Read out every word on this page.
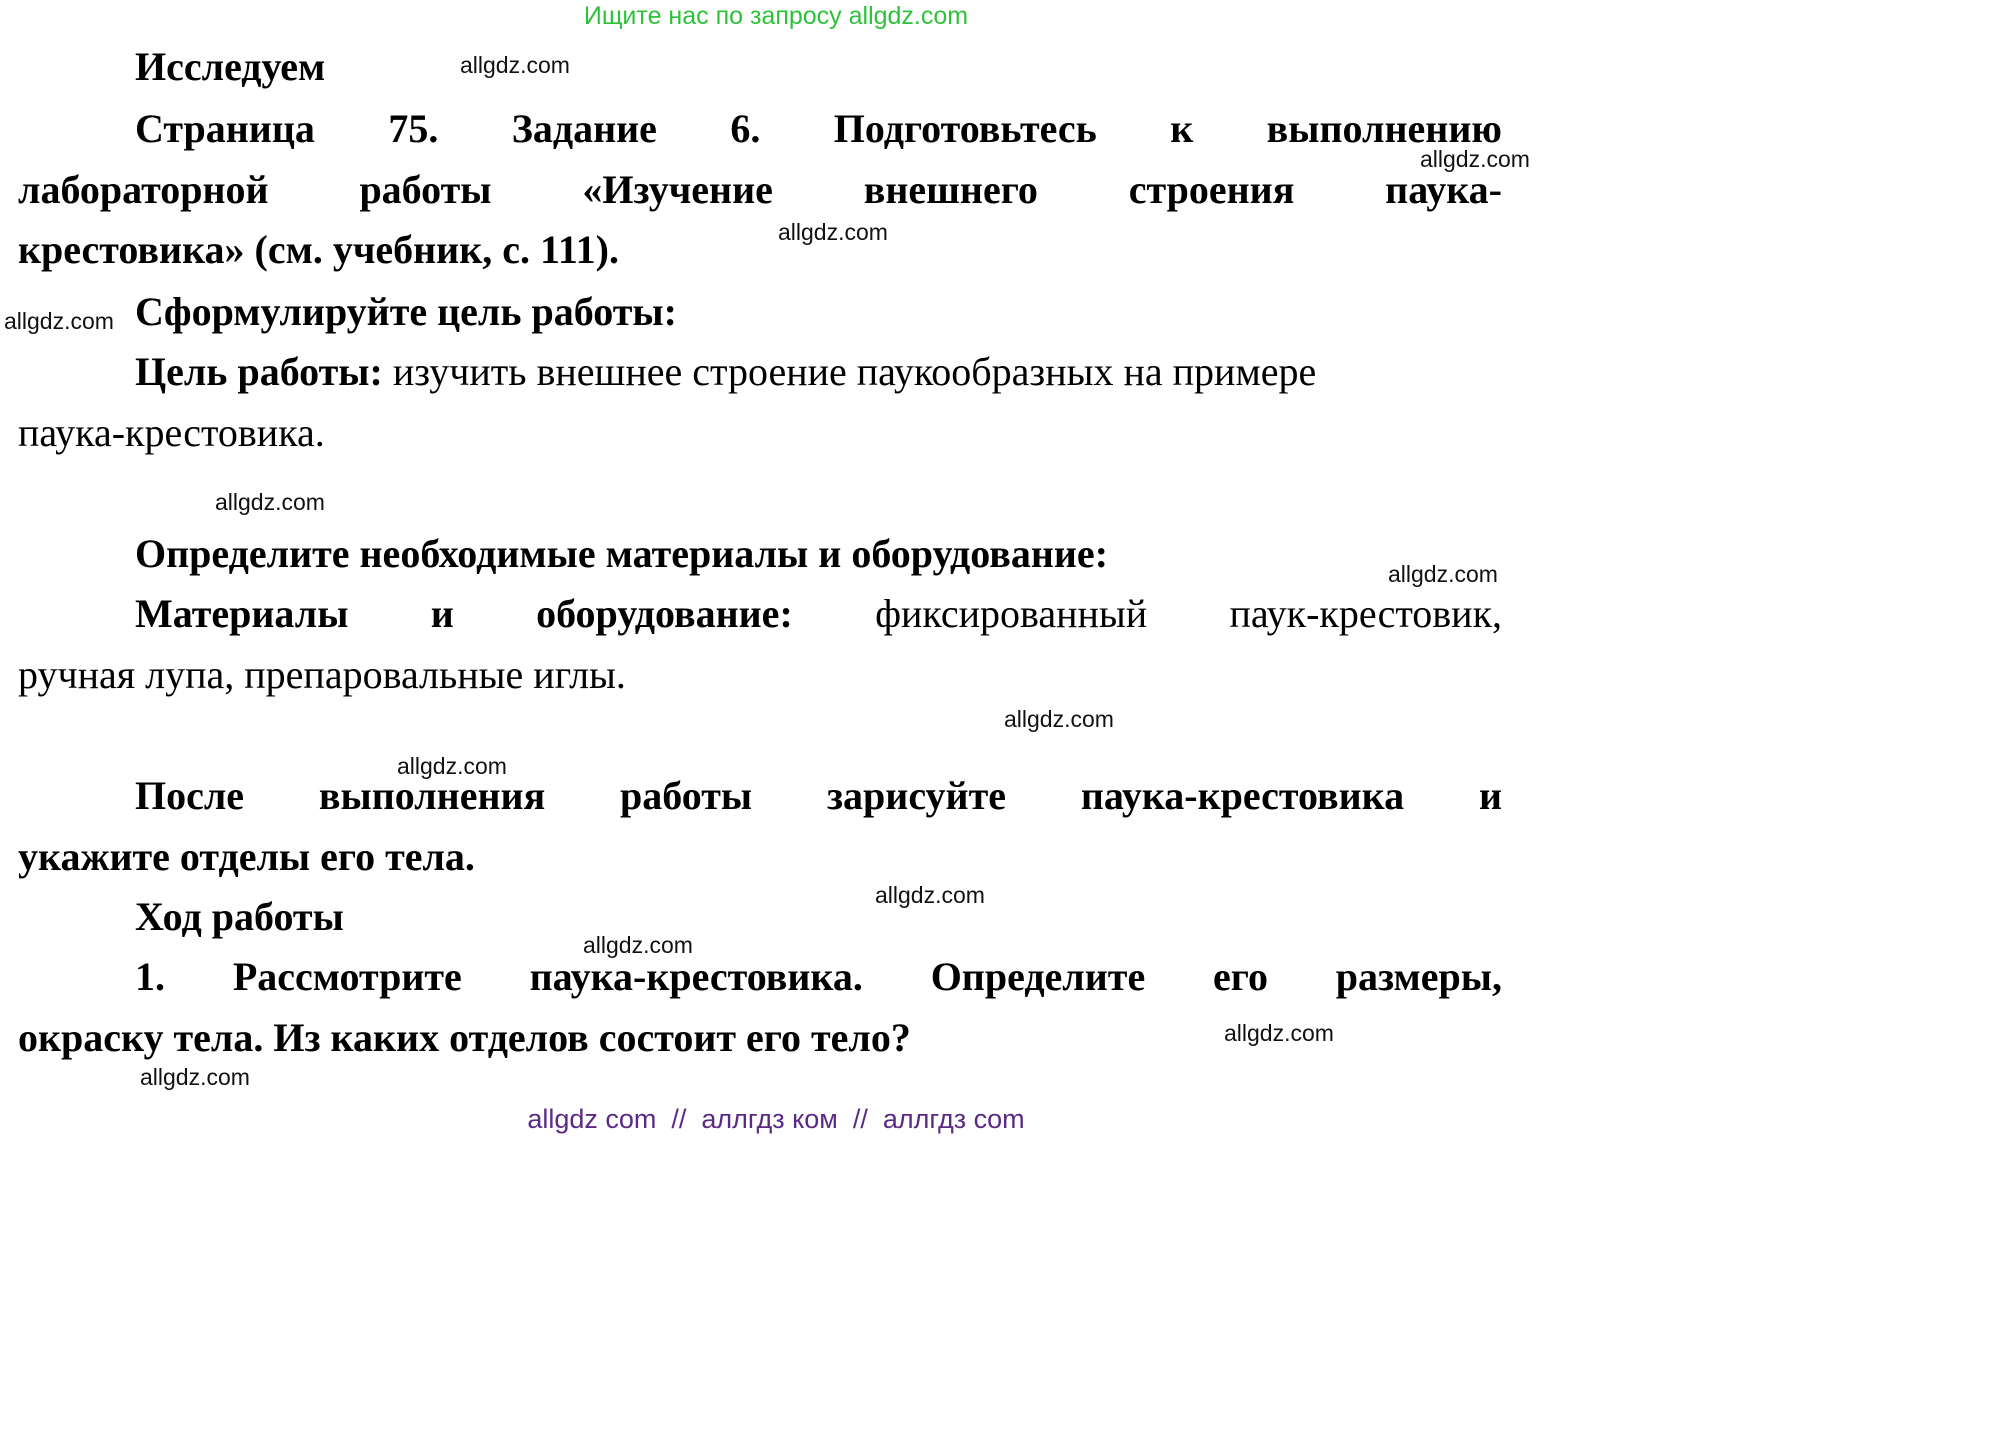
Ищите нас по запросу allgdz.com
allgdz.com
allgdz.com
allgdz.com
allgdz.com
allgdz.com
allgdz.com
allgdz.com
allgdz.com
allgdz.com
allgdz.com
allgdz.com
allgdz.com
Исследуем
Страница 75. Задание 6. Подготовьтесь к выполнению
лабораторной работы «Изучение внешнего строения паука-
крестовика» (см. учебник, с. 111).
Сформулируйте цель работы:
Цель работы: изучить внешнее строение паукообразных на примере
паука-крестовика.
Определите необходимые материалы и оборудование:
Материалы и оборудование: фиксированный паук-крестовик,
ручная лупа, препаровальные иглы.
После выполнения работы зарисуйте паука-крестовика и
укажите отделы его тела.
Ход работы
1. Рассмотрите паука-крестовика. Определите его размеры,
окраску тела. Из каких отделов состоит его тело?
allgdz com  //  аллгдз ком  //  аллгдз com
